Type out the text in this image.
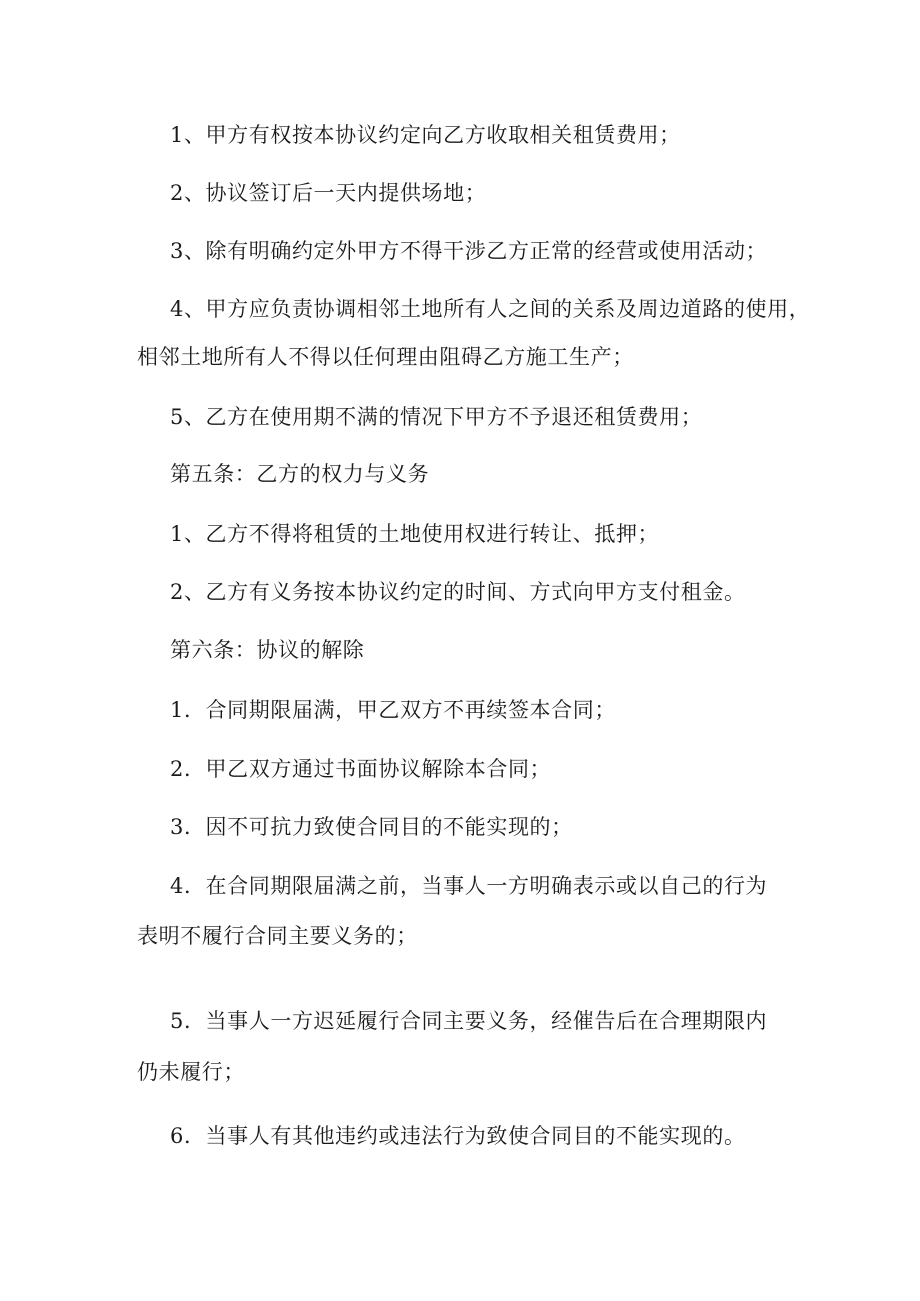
1、甲方有权按本协议约定向乙方收取相关租赁费用；

2、协议签订后一天内提供场地；

3、除有明确约定外甲方不得干涉乙方正常的经营或使用活动；

4、甲方应负责协调相邻土地所有人之间的关系及周边道路的使用，

相邻土地所有人不得以任何理由阻碍乙方施工生产；

5、乙方在使用期不满的情况下甲方不予退还租赁费用；

第五条：乙方的权力与义务

1、乙方不得将租赁的土地使用权进行转让、抵押；

2、乙方有义务按本协议约定的时间、方式向甲方支付租金。

第六条：协议的解除

1．合同期限届满，甲乙双方不再续签本合同；

2．甲乙双方通过书面协议解除本合同；

3．因不可抗力致使合同目的不能实现的；

4．在合同期限届满之前，当事人一方明确表示或以自己的行为

表明不履行合同主要义务的；

5．当事人一方迟延履行合同主要义务，经催告后在合理期限内

仍未履行；

6．当事人有其他违约或违法行为致使合同目的不能实现的。
